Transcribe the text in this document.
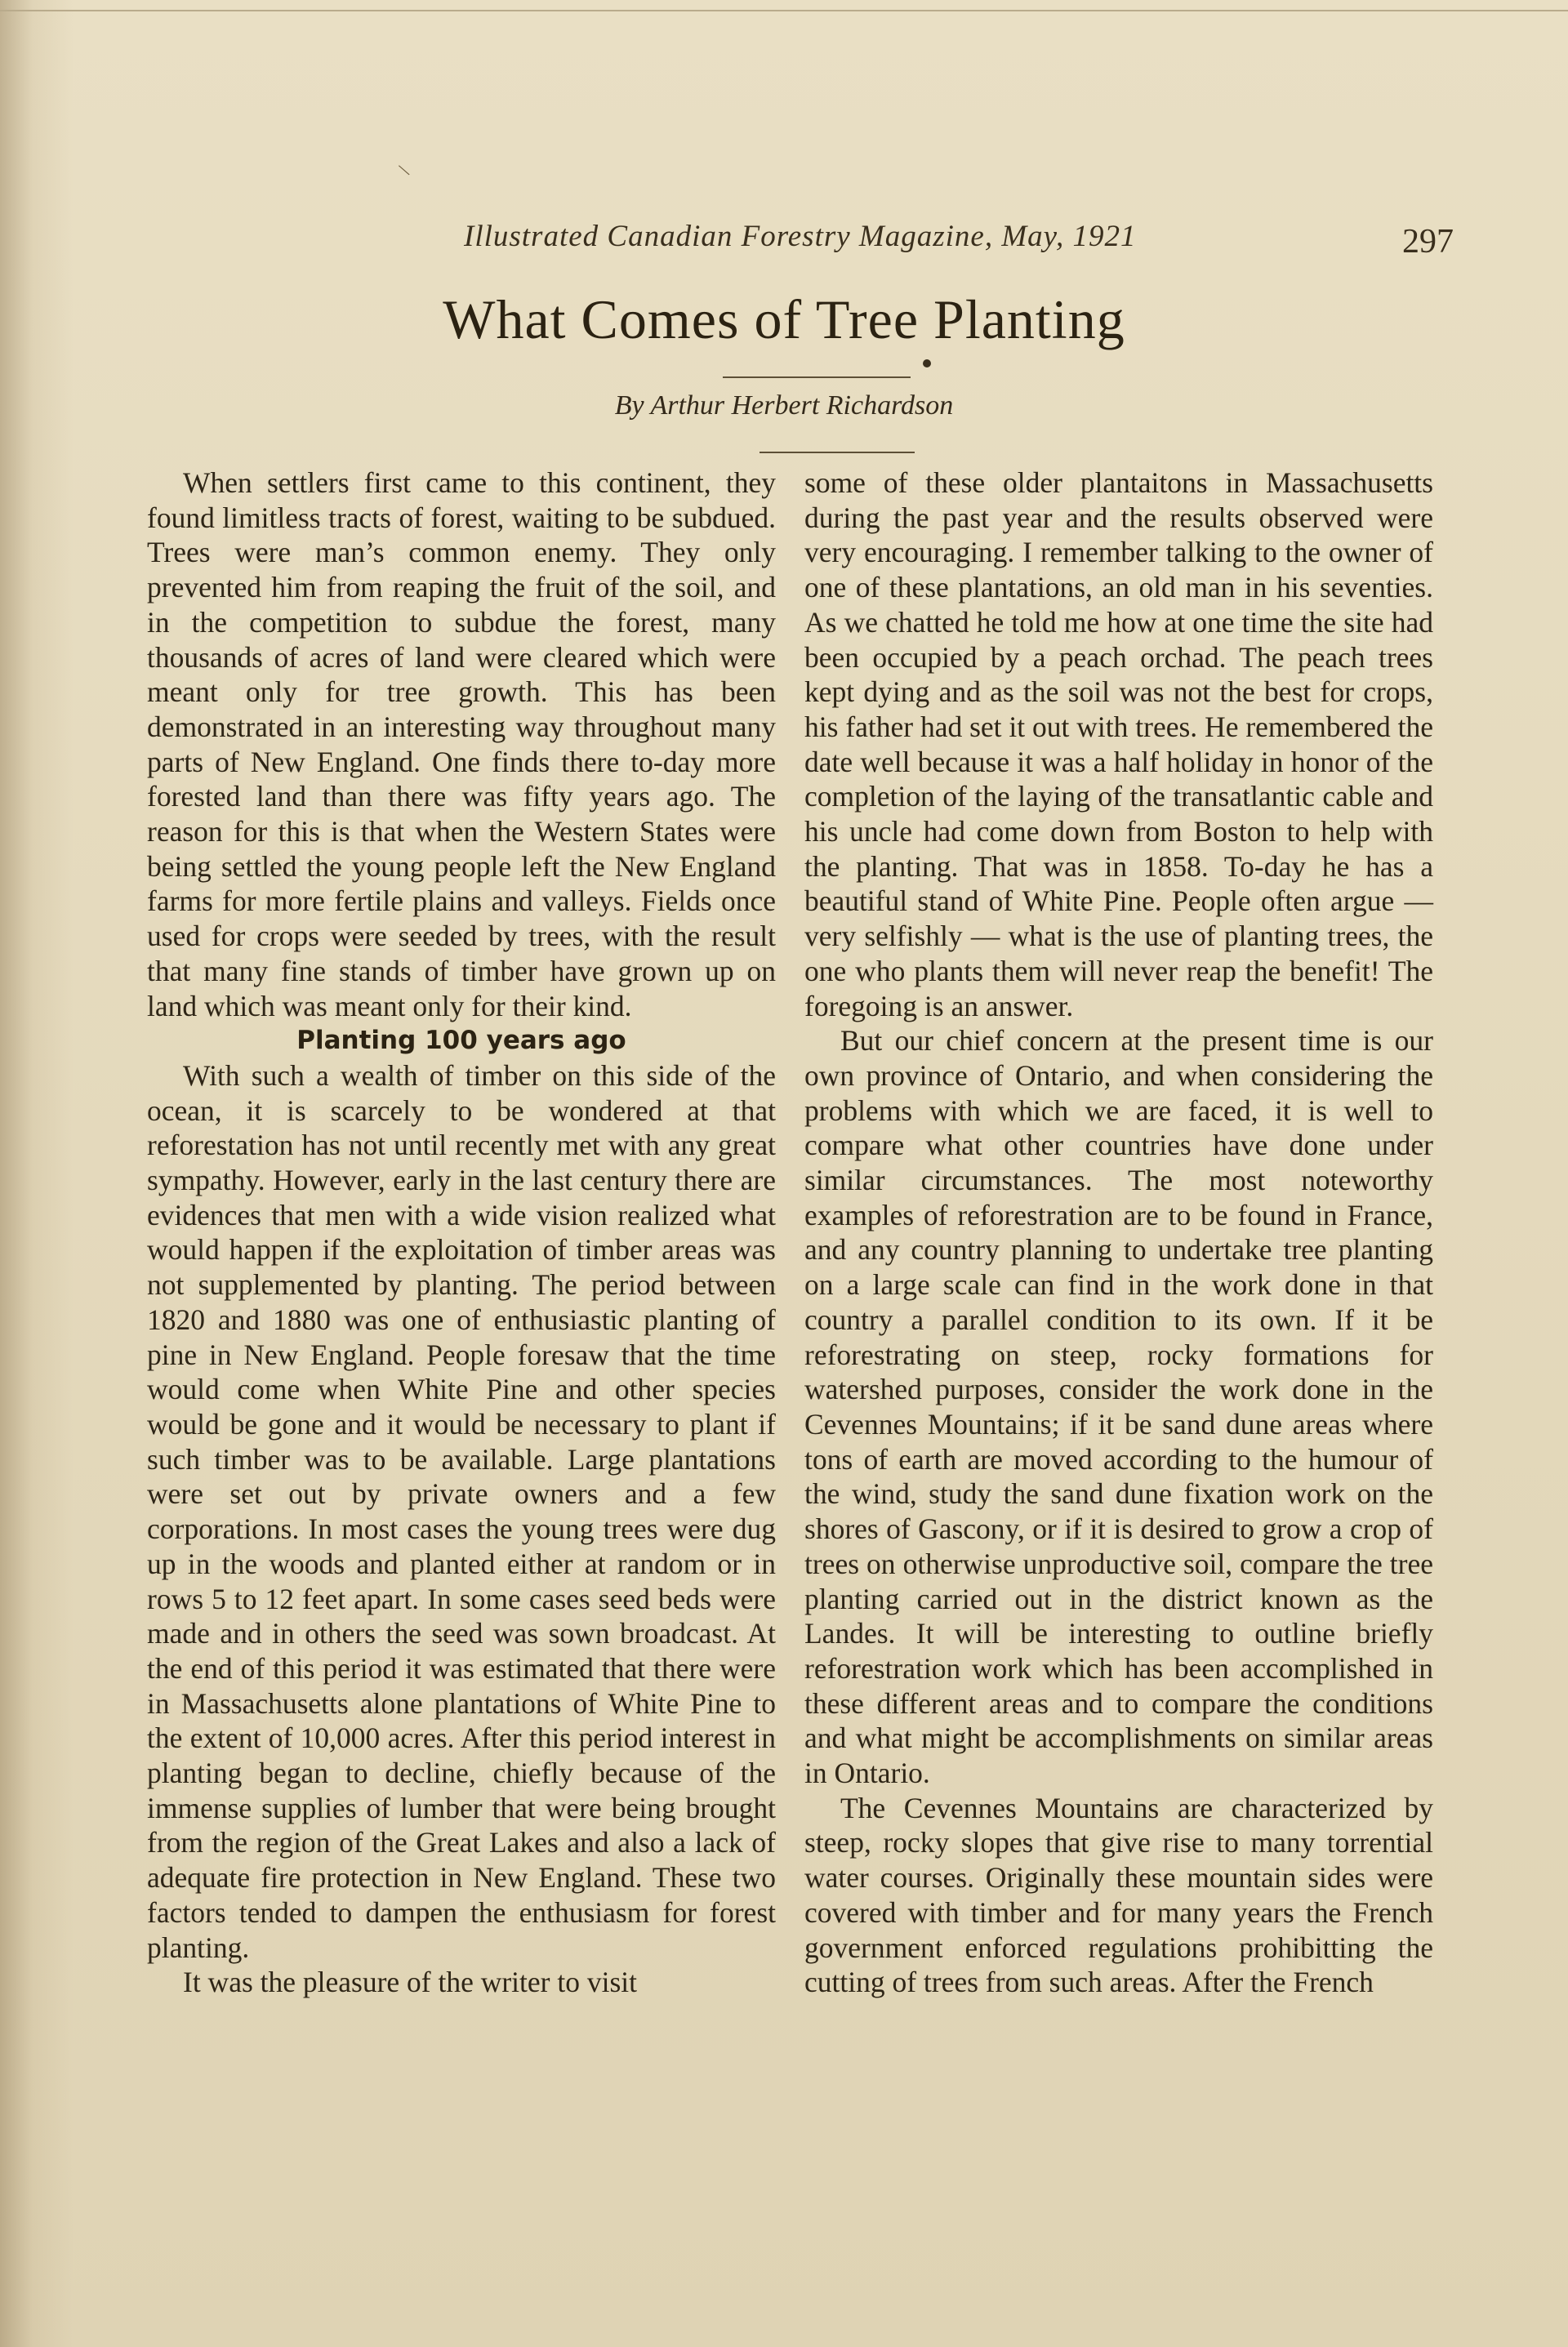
\
Illustrated Canadian Forestry Magazine, May, 1921	297
What Comes of Tree Planting
By Arthur Herbert Richardson

When settlers first came to this continent, they found limitless tracts of forest, waiting to be subdued. Trees were man’s common enemy. They only prevented him from reaping the fruit of the soil, and in the competition to subdue the forest, many thousands of acres of land were cleared which were meant only for tree growth. This has been demonstrated in an interesting way throughout many parts of New England. One finds there to-day more forested land than there was fifty years ago. The reason for this is that when the Western States were being settled the young people left the New England farms for more fertile plains and valleys. Fields once used for crops were seeded by trees, with the result that many fine stands of timber have grown up on land which was meant only for their kind.

Planting 100 years ago

With such a wealth of timber on this side of the ocean, it is scarcely to be wondered at that reforestation has not until recently met with any great sympathy. However, early in the last century there are evidences that men with a wide vision realized what would happen if the exploitation of timber areas was not supplemented by planting. The period between 1820 and 1880 was one of enthusiastic planting of pine in New England. People foresaw that the time would come when White Pine and other species would be gone and it would be necessary to plant if such timber was to be available. Large plantations were set out by private owners and a few corporations. In most cases the young trees were dug up in the woods and planted either at random or in rows 5 to 12 feet apart. In some cases seed beds were made and in others the seed was sown broadcast. At the end of this period it was estimated that there were in Massachusetts alone plantations of White Pine to the extent of 10,000 acres. After this period interest in planting began to decline, chiefly because of the immense supplies of lumber that were being brought from the region of the Great Lakes and also a lack of adequate fire protection in New England. These two factors tended to dampen the enthusiasm for forest planting.

It was the pleasure of the writer to visit

some of these older plantaitons in Massachusetts during the past year and the results observed were very encouraging. I remember talking to the owner of one of these plantations, an old man in his seventies. As we chatted he told me how at one time the site had been occupied by a peach orchad. The peach trees kept dying and as the soil was not the best for crops, his father had set it out with trees. He remembered the date well because it was a half holiday in honor of the completion of the laying of the transatlantic cable and his uncle had come down from Boston to help with the planting. That was in 1858. To-day he has a beautiful stand of White Pine. People often argue — very selfishly — what is the use of planting trees, the one who plants them will never reap the benefit! The foregoing is an answer.

But our chief concern at the present time is our own province of Ontario, and when considering the problems with which we are faced, it is well to compare what other countries have done under similar circumstances. The most noteworthy examples of reforestration are to be found in France, and any country planning to undertake tree planting on a large scale can find in the work done in that country a parallel condition to its own. If it be reforestrating on steep, rocky formations for watershed purposes, consider the work done in the Cevennes Mountains; if it be sand dune areas where tons of earth are moved according to the humour of the wind, study the sand dune fixation work on the shores of Gascony, or if it is desired to grow a crop of trees on otherwise unproductive soil, compare the tree planting carried out in the district known as the Landes. It will be interesting to outline briefly reforestration work which has been accomplished in these different areas and to compare the conditions and what might be accomplishments on similar areas in Ontario.

The Cevennes Mountains are characterized by steep, rocky slopes that give rise to many torrential water courses. Originally these mountain sides were covered with timber and for many years the French government enforced regulations prohibitting the cutting of trees from such areas. After the French
